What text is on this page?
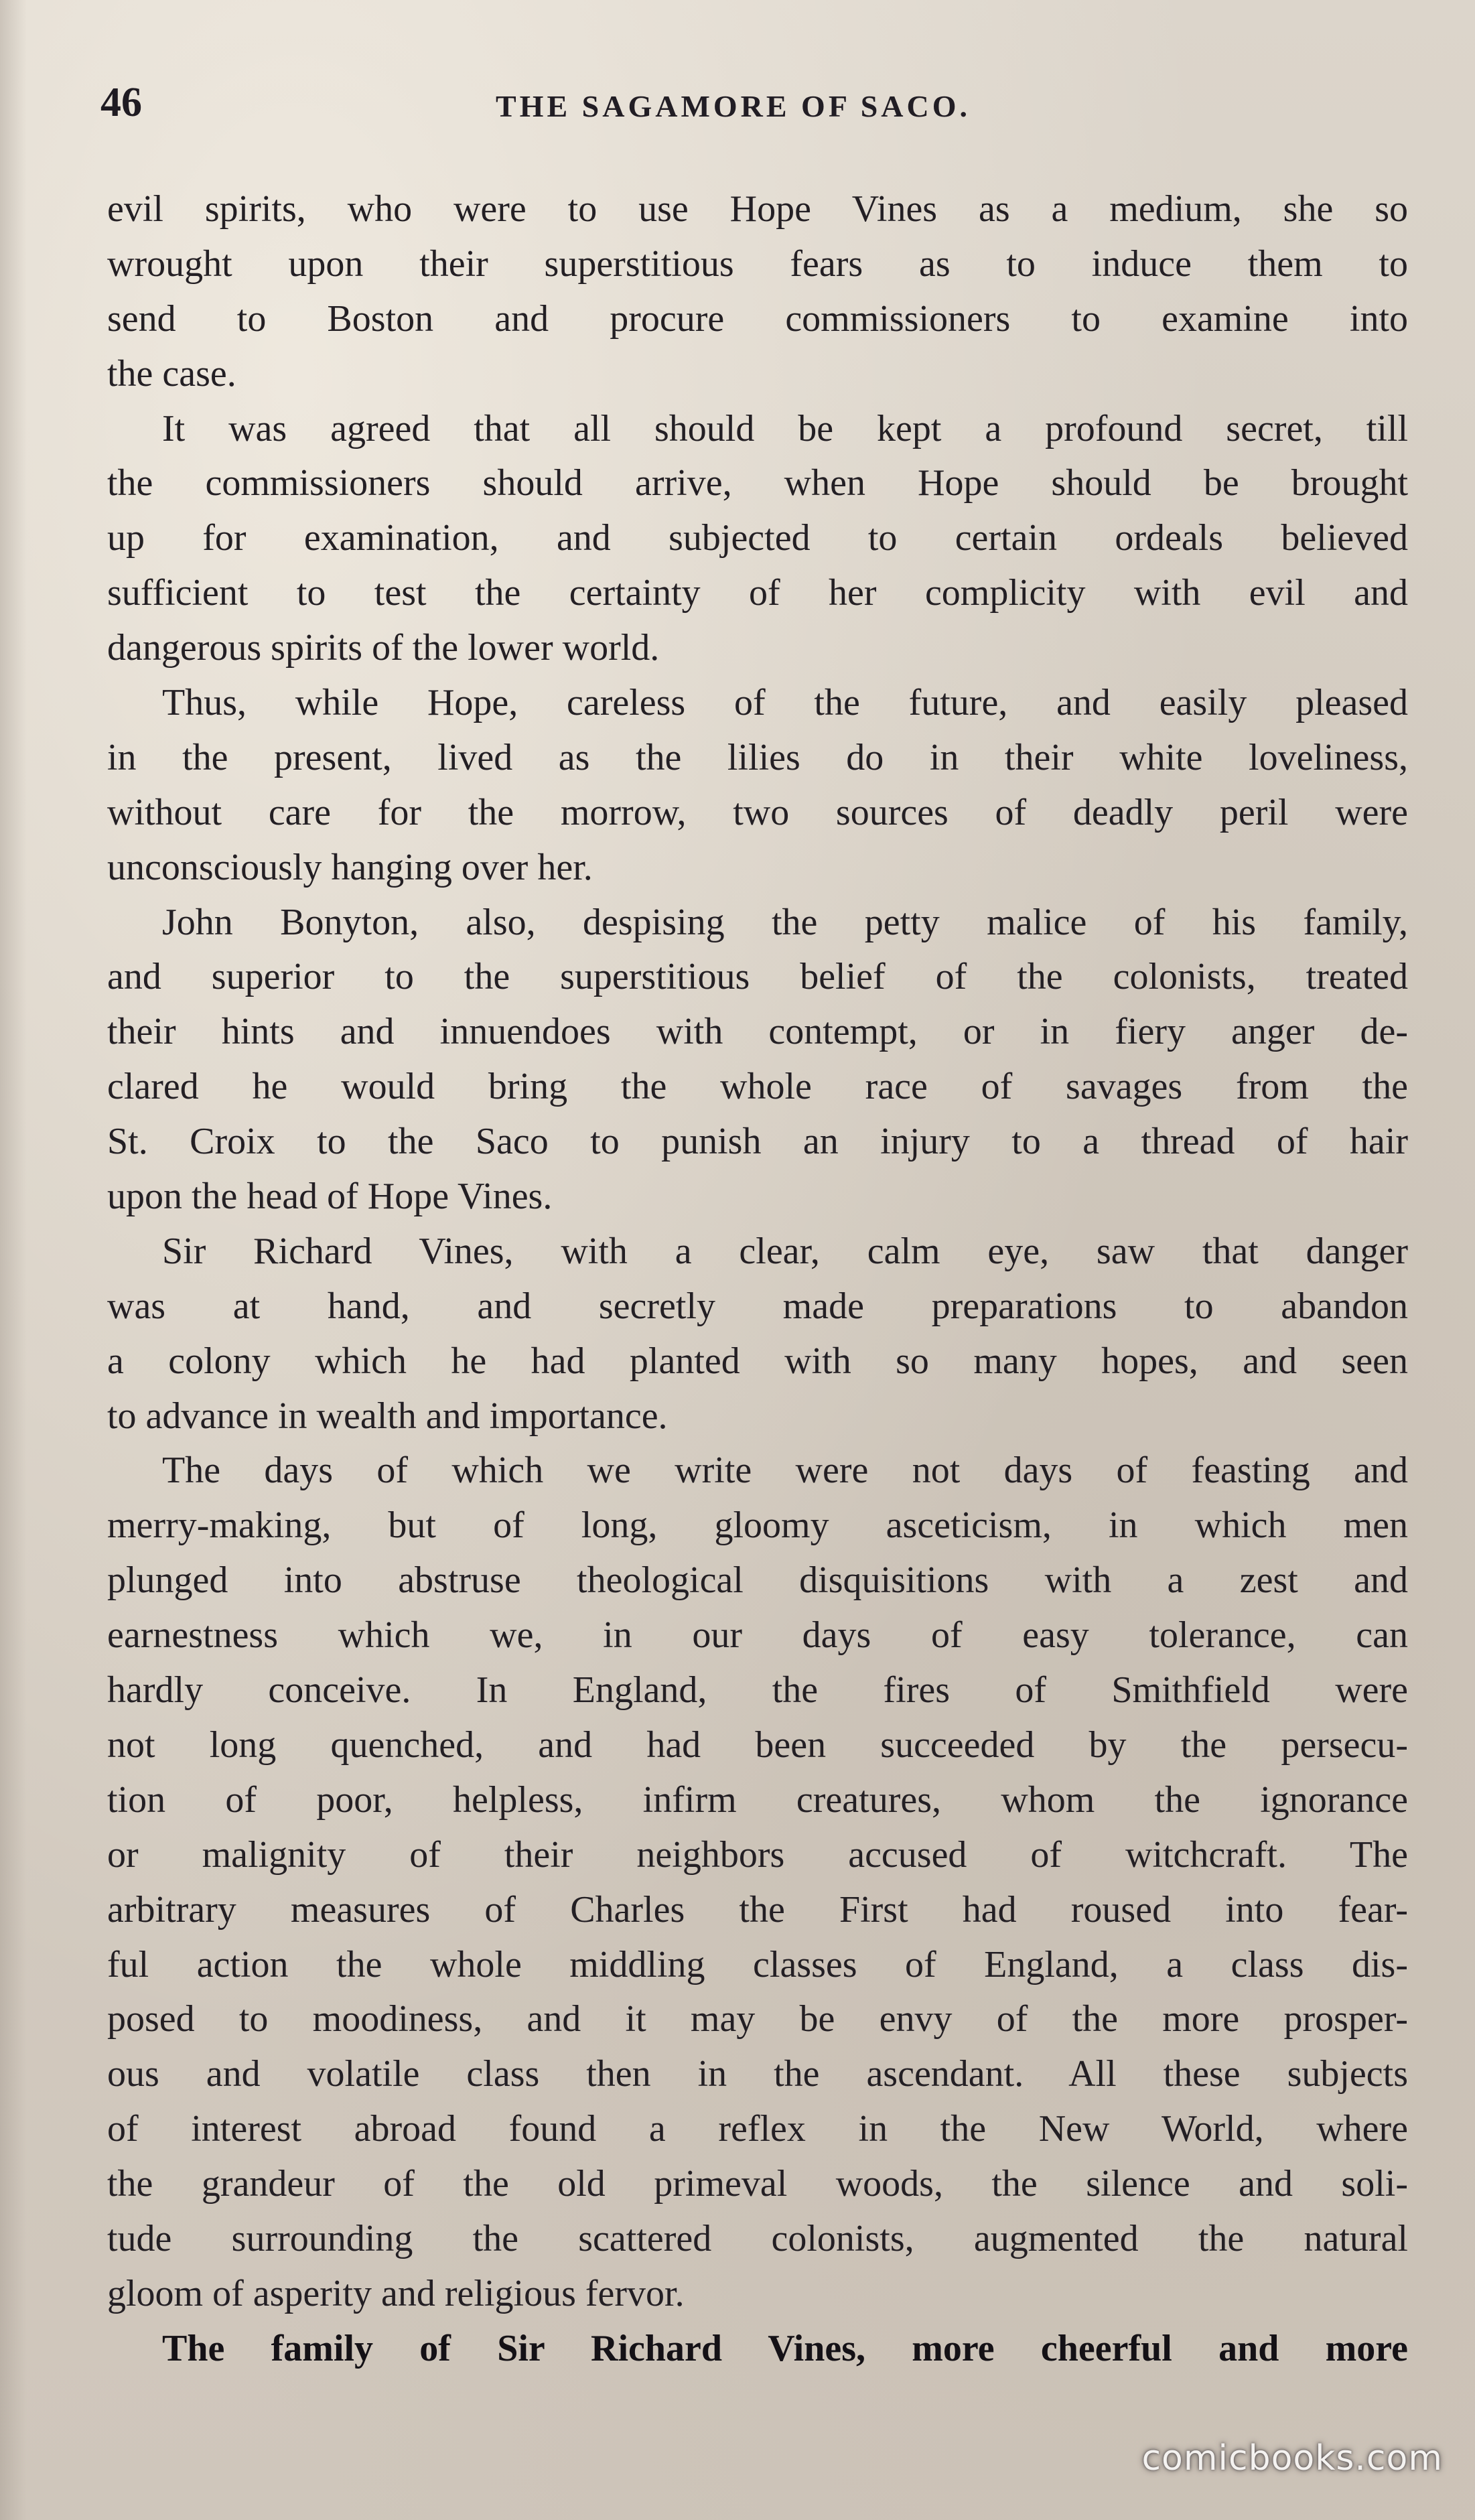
46	THE SAGAMORE OF SACO.
evil spirits, who were to use Hope Vines as a medium, she so
wrought upon their superstitious fears as to induce them to
send to Boston and procure commissioners to examine into
the case.
It was agreed that all should be kept a profound secret, till
the commissioners should arrive, when Hope should be brought
up for examination, and subjected to certain ordeals believed
sufficient to test the certainty of her complicity with evil and
dangerous spirits of the lower world.
Thus, while Hope, careless of the future, and easily pleased
in the present, lived as the lilies do in their white loveliness,
without care for the morrow, two sources of deadly peril were
unconsciously hanging over her.
John Bonyton, also, despising the petty malice of his family,
and superior to the superstitious belief of the colonists, treated
their hints and innuendoes with contempt, or in fiery anger de-
clared he would bring the whole race of savages from the
St. Croix to the Saco to punish an injury to a thread of hair
upon the head of Hope Vines.
Sir Richard Vines, with a clear, calm eye, saw that danger
was at hand, and secretly made preparations to abandon
a colony which he had planted with so many hopes, and seen
to advance in wealth and importance.
The days of which we write were not days of feasting and
merry-making, but of long, gloomy asceticism, in which men
plunged into abstruse theological disquisitions with a zest and
earnestness which we, in our days of easy tolerance, can
hardly conceive. In England, the fires of Smithfield were
not long quenched, and had been succeeded by the persecu-
tion of poor, helpless, infirm creatures, whom the ignorance
or malignity of their neighbors accused of witchcraft. The
arbitrary measures of Charles the First had roused into fear-
ful action the whole middling classes of England, a class dis-
posed to moodiness, and it may be envy of the more prosper-
ous and volatile class then in the ascendant. All these subjects
of interest abroad found a reflex in the New World, where
the grandeur of the old primeval woods, the silence and soli-
tude surrounding the scattered colonists, augmented the natural
gloom of asperity and religious fervor.
The family of Sir Richard Vines, more cheerful and more
comicbooks.com
